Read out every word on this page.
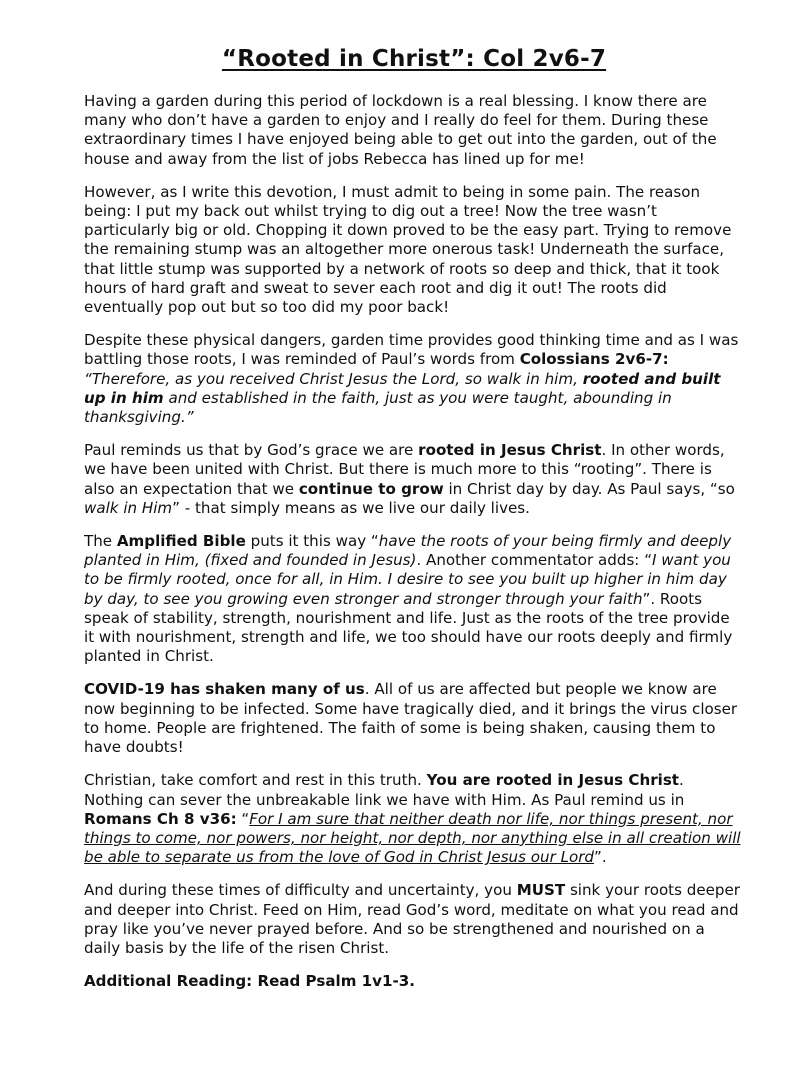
“Rooted in Christ”: Col 2v6-7

Having a garden during this period of lockdown is a real blessing. I know there are many who don’t have a garden to enjoy and I really do feel for them. During these extraordinary times I have enjoyed being able to get out into the garden, out of the house and away from the list of jobs Rebecca has lined up for me!

However, as I write this devotion, I must admit to being in some pain. The reason being: I put my back out whilst trying to dig out a tree! Now the tree wasn’t particularly big or old. Chopping it down proved to be the easy part. Trying to remove the remaining stump was an altogether more onerous task! Underneath the surface, that little stump was supported by a network of roots so deep and thick, that it took hours of hard graft and sweat to sever each root and dig it out! The roots did eventually pop out but so too did my poor back!

Despite these physical dangers, garden time provides good thinking time and as I was battling those roots, I was reminded of Paul’s words from Colossians 2v6-7: “Therefore, as you received Christ Jesus the Lord, so walk in him, rooted and built up in him and established in the faith, just as you were taught, abounding in thanksgiving.”

Paul reminds us that by God’s grace we are rooted in Jesus Christ. In other words, we have been united with Christ. But there is much more to this “rooting”. There is also an expectation that we continue to grow in Christ day by day. As Paul says, “so walk in Him” - that simply means as we live our daily lives.

The Amplified Bible puts it this way “have the roots of your being firmly and deeply planted in Him, (fixed and founded in Jesus). Another commentator adds: “I want you to be firmly rooted, once for all, in Him. I desire to see you built up higher in him day by day, to see you growing even stronger and stronger through your faith”. Roots speak of stability, strength, nourishment and life. Just as the roots of the tree provide it with nourishment, strength and life, we too should have our roots deeply and firmly planted in Christ.

COVID-19 has shaken many of us. All of us are affected but people we know are now beginning to be infected. Some have tragically died, and it brings the virus closer to home. People are frightened. The faith of some is being shaken, causing them to have doubts!

Christian, take comfort and rest in this truth. You are rooted in Jesus Christ. Nothing can sever the unbreakable link we have with Him. As Paul remind us in Romans Ch 8 v36: “For I am sure that neither death nor life, nor things present, nor things to come, nor powers, nor height, nor depth, nor anything else in all creation will be able to separate us from the love of God in Christ Jesus our Lord”.

And during these times of difficulty and uncertainty, you MUST sink your roots deeper and deeper into Christ. Feed on Him, read God’s word, meditate on what you read and pray like you’ve never prayed before. And so be strengthened and nourished on a daily basis by the life of the risen Christ.

Additional Reading: Read Psalm 1v1-3.
